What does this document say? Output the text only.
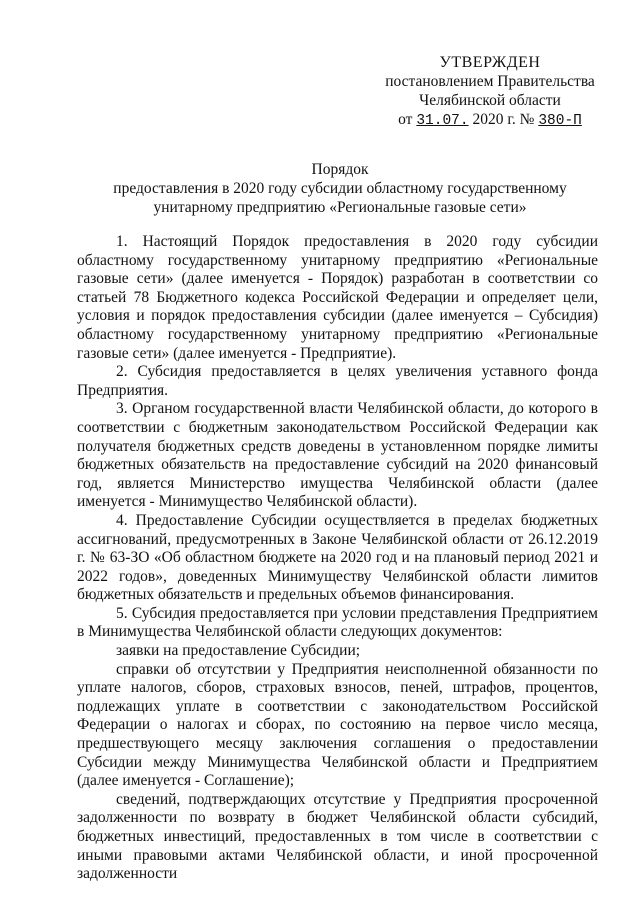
УТВЕРЖДЕН
постановлением Правительства
Челябинской области
от 31.07. 2020 г. № 380-П
Порядок
предоставления в 2020 году субсидии областному государственному
унитарному предприятию «Региональные газовые сети»

1. Настоящий Порядок предоставления в 2020 году субсидии областному государственному унитарному предприятию «Региональные газовые сети» (далее именуется - Порядок) разработан в соответствии со статьей 78 Бюджетного кодекса Российской Федерации и определяет цели, условия и порядок предоставления субсидии (далее именуется – Субсидия) областному государственному унитарному предприятию «Региональные газовые сети» (далее именуется - Предприятие).

2. Субсидия предоставляется в целях увеличения уставного фонда Предприятия.

3. Органом государственной власти Челябинской области, до которого в соответствии с бюджетным законодательством Российской Федерации как получателя бюджетных средств доведены в установленном порядке лимиты бюджетных обязательств на предоставление субсидий на 2020 финансовый год, является Министерство имущества Челябинской области (далее именуется - Минимущество Челябинской области).

4. Предоставление Субсидии осуществляется в пределах бюджетных ассигнований, предусмотренных в Законе Челябинской области от 26.12.2019 г. № 63-ЗО «Об областном бюджете на 2020 год и на плановый период 2021 и 2022 годов», доведенных Минимуществу Челябинской области лимитов бюджетных обязательств и предельных объемов финансирования.

5. Субсидия предоставляется при условии представления Предприятием в Минимущества Челябинской области следующих документов:

заявки на предоставление Субсидии;

справки об отсутствии у Предприятия неисполненной обязанности по уплате налогов, сборов, страховых взносов, пеней, штрафов, процентов, подлежащих уплате в соответствии с законодательством Российской Федерации о налогах и сборах, по состоянию на первое число месяца, предшествующего месяцу заключения соглашения о предоставлении Субсидии между Минимущества Челябинской области и Предприятием (далее именуется - Соглашение);

сведений, подтверждающих отсутствие у Предприятия просроченной задолженности по возврату в бюджет Челябинской области субсидий, бюджетных инвестиций, предоставленных в том числе в соответствии с иными правовыми актами Челябинской области, и иной просроченной задолженности
